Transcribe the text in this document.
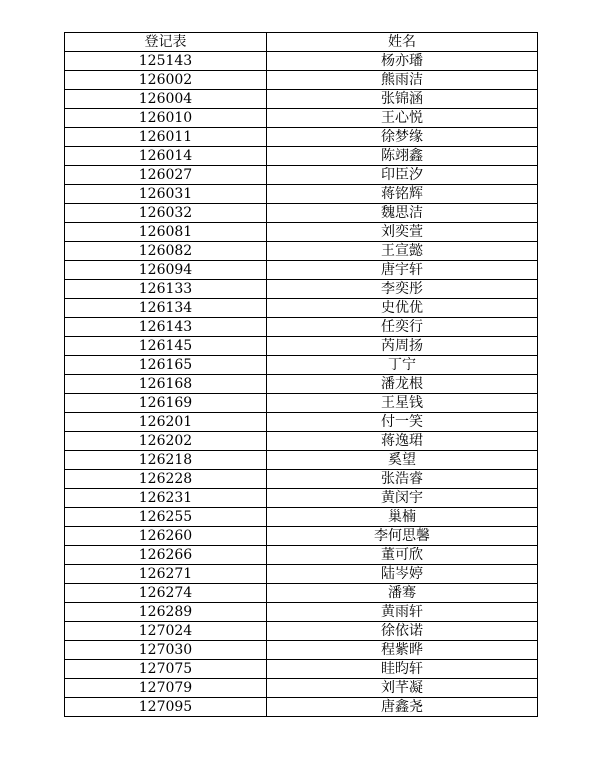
登记表	姓名
125143	杨亦璠
126002	熊雨洁
126004	张锦涵
126010	王心悦
126011	徐梦缘
126014	陈翊鑫
126027	印臣汐
126031	蒋铭辉
126032	魏思洁
126081	刘奕萱
126082	王宣懿
126094	唐宇轩
126133	李奕彤
126134	史优优
126143	任奕行
126145	芮周扬
126165	丁宁
126168	潘龙根
126169	王星钱
126201	付一笑
126202	蒋逸珺
126218	奚望
126228	张浩睿
126231	黄闵宇
126255	巢楠
126260	李何思馨
126266	董可欣
126271	陆岑婷
126274	潘骞
126289	黄雨轩
127024	徐依诺
127030	程紫晔
127075	眭昀轩
127079	刘芊凝
127095	唐鑫尧
